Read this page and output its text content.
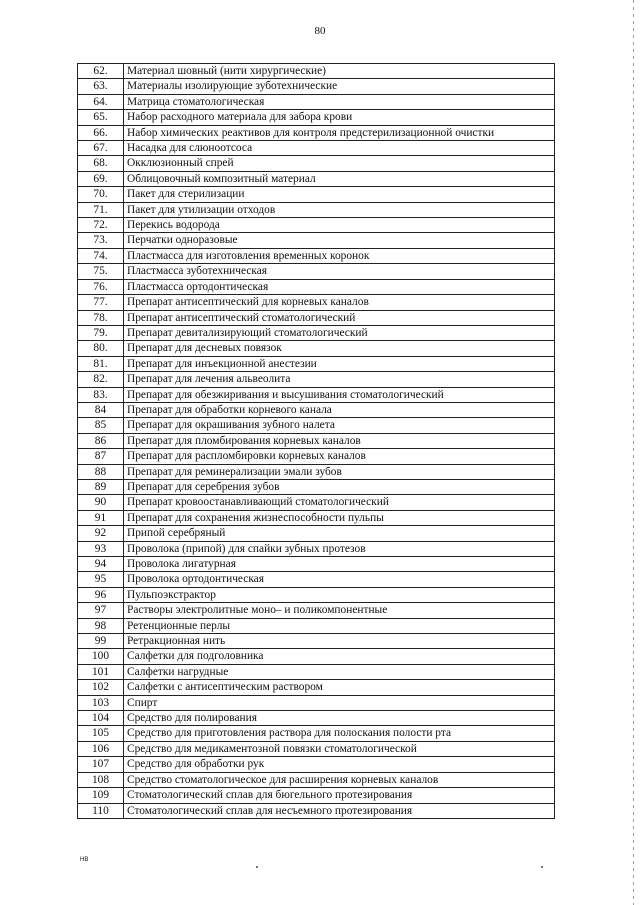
80
62.	Материал шовный (нити хирургические)
63.	Материалы изолирующие зуботехнические
64.	Матрица стоматологическая
65.	Набор расходного материала для забора крови
66.	Набор химических реактивов для контроля предстерилизационной очистки
67.	Насадка для слюноотсоса
68.	Окклюзионный спрей
69.	Облицовочный композитный материал
70.	Пакет для стерилизации
71.	Пакет для утилизации отходов
72.	Перекись водорода
73.	Перчатки одноразовые
74.	Пластмасса для изготовления временных коронок
75.	Пластмасса зуботехническая
76.	Пластмасса ортодонтическая
77.	Препарат антисептический для корневых каналов
78.	Препарат антисептический стоматологический
79.	Препарат девитализирующий стоматологический
80.	Препарат для десневых повязок
81.	Препарат для инъекционной анестезии
82.	Препарат для лечения альвеолита
83.	Препарат для обезжиривания и высушивания стоматологический
84	Препарат для обработки корневого канала
85	Препарат для окрашивания зубного налета
86	Препарат для пломбирования корневых каналов
87	Препарат для распломбировки корневых каналов
88	Препарат для реминерализации эмали зубов
89	Препарат для серебрения зубов
90	Препарат кровоостанавливающий стоматологический
91	Препарат для сохранения жизнеспособности пульпы
92	Припой серебряный
93	Проволока (припой) для спайки зубных протезов
94	Проволока лигатурная
95	Проволока ортодонтическая
96	Пульпоэкстрактор
97	Растворы электролитные моно– и поликомпонентные
98	Ретенционные перлы
99	Ретракционная нить
100	Салфетки для подголовника
101	Салфетки нагрудные
102	Салфетки с антисептическим раствором
103	Спирт
104	Средство для полирования
105	Средство для приготовления раствора для полоскания полости рта
106	Средство для медикаментозной повязки стоматологической
107	Средство для обработки рук
108	Средство стоматологическое для расширения корневых каналов
109	Стоматологический сплав для бюгельного протезирования
110	Стоматологический сплав для несъемного протезирования
НВ
